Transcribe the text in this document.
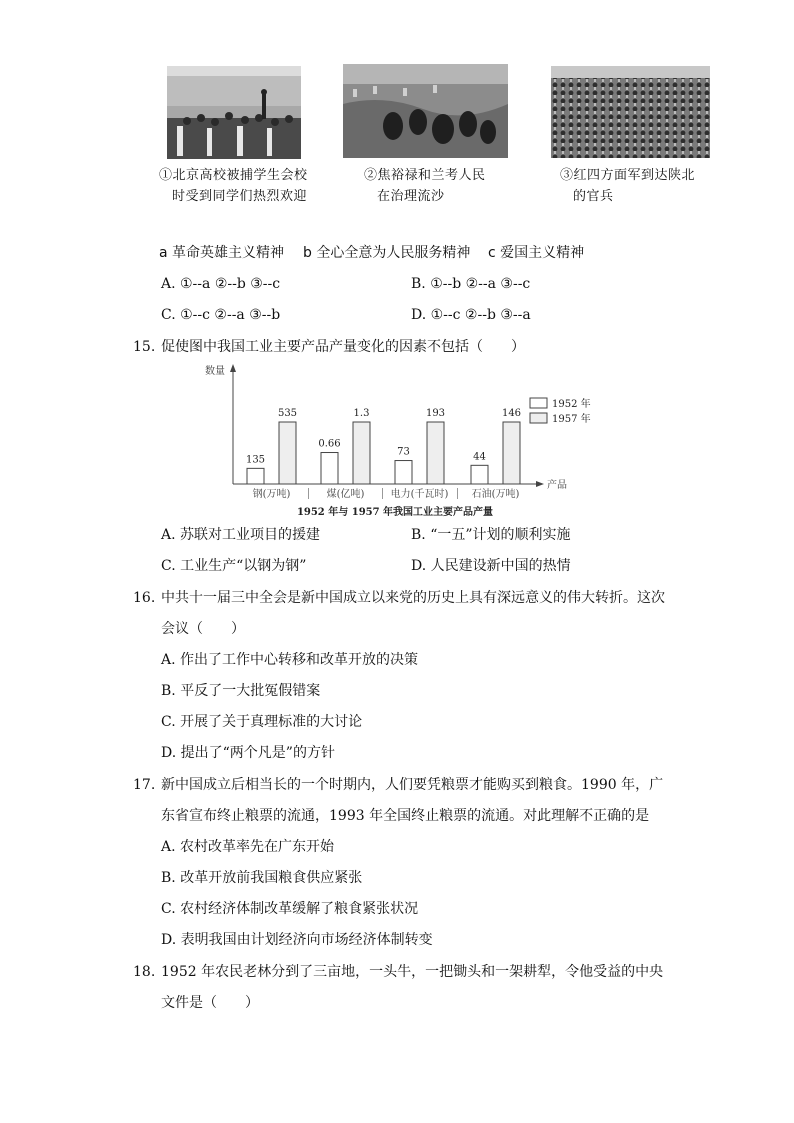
①北京高校被捕学生会校
时受到同学们热烈欢迎
②焦裕禄和兰考人民
在治理流沙
③红四方面军到达陕北
的官兵
a 革命英雄主义精神 b 全心全意为人民服务精神 c 爱国主义精神
A. ①--a ②--b ③--c	B. ①--b ②--a ③--c
C. ①--c ②--a ③--b	D. ①--c ②--b ③--a
15. 促使图中我国工业主要产品产量变化的因素不包括（　　）
数量
产品
135
535
钢(万吨)
0.66
1.3
煤(亿吨)
73
193
电力(千瓦时)
44
146
石油(万吨)
1952 年
1957 年
1952 年与 1957 年我国工业主要产品产量
A. 苏联对工业项目的援建	B. “一五”计划的顺利实施
C. 工业生产“以钢为钢”	D. 人民建设新中国的热情
16. 中共十一届三中全会是新中国成立以来党的历史上具有深远意义的伟大转折。这次
会议（　　）
A. 作出了工作中心转移和改革开放的决策
B. 平反了一大批冤假错案
C. 开展了关于真理标准的大讨论
D. 提出了“两个凡是”的方针
17. 新中国成立后相当长的一个时期内，人们要凭粮票才能购买到粮食。1990 年，广
东省宣布终止粮票的流通，1993 年全国终止粮票的流通。对此理解不正确的是
A. 农村改革率先在广东开始
B. 改革开放前我国粮食供应紧张
C. 农村经济体制改革缓解了粮食紧张状况
D. 表明我国由计划经济向市场经济体制转变
18. 1952 年农民老林分到了三亩地，一头牛，一把锄头和一架耕犁，令他受益的中央
文件是（　　）
